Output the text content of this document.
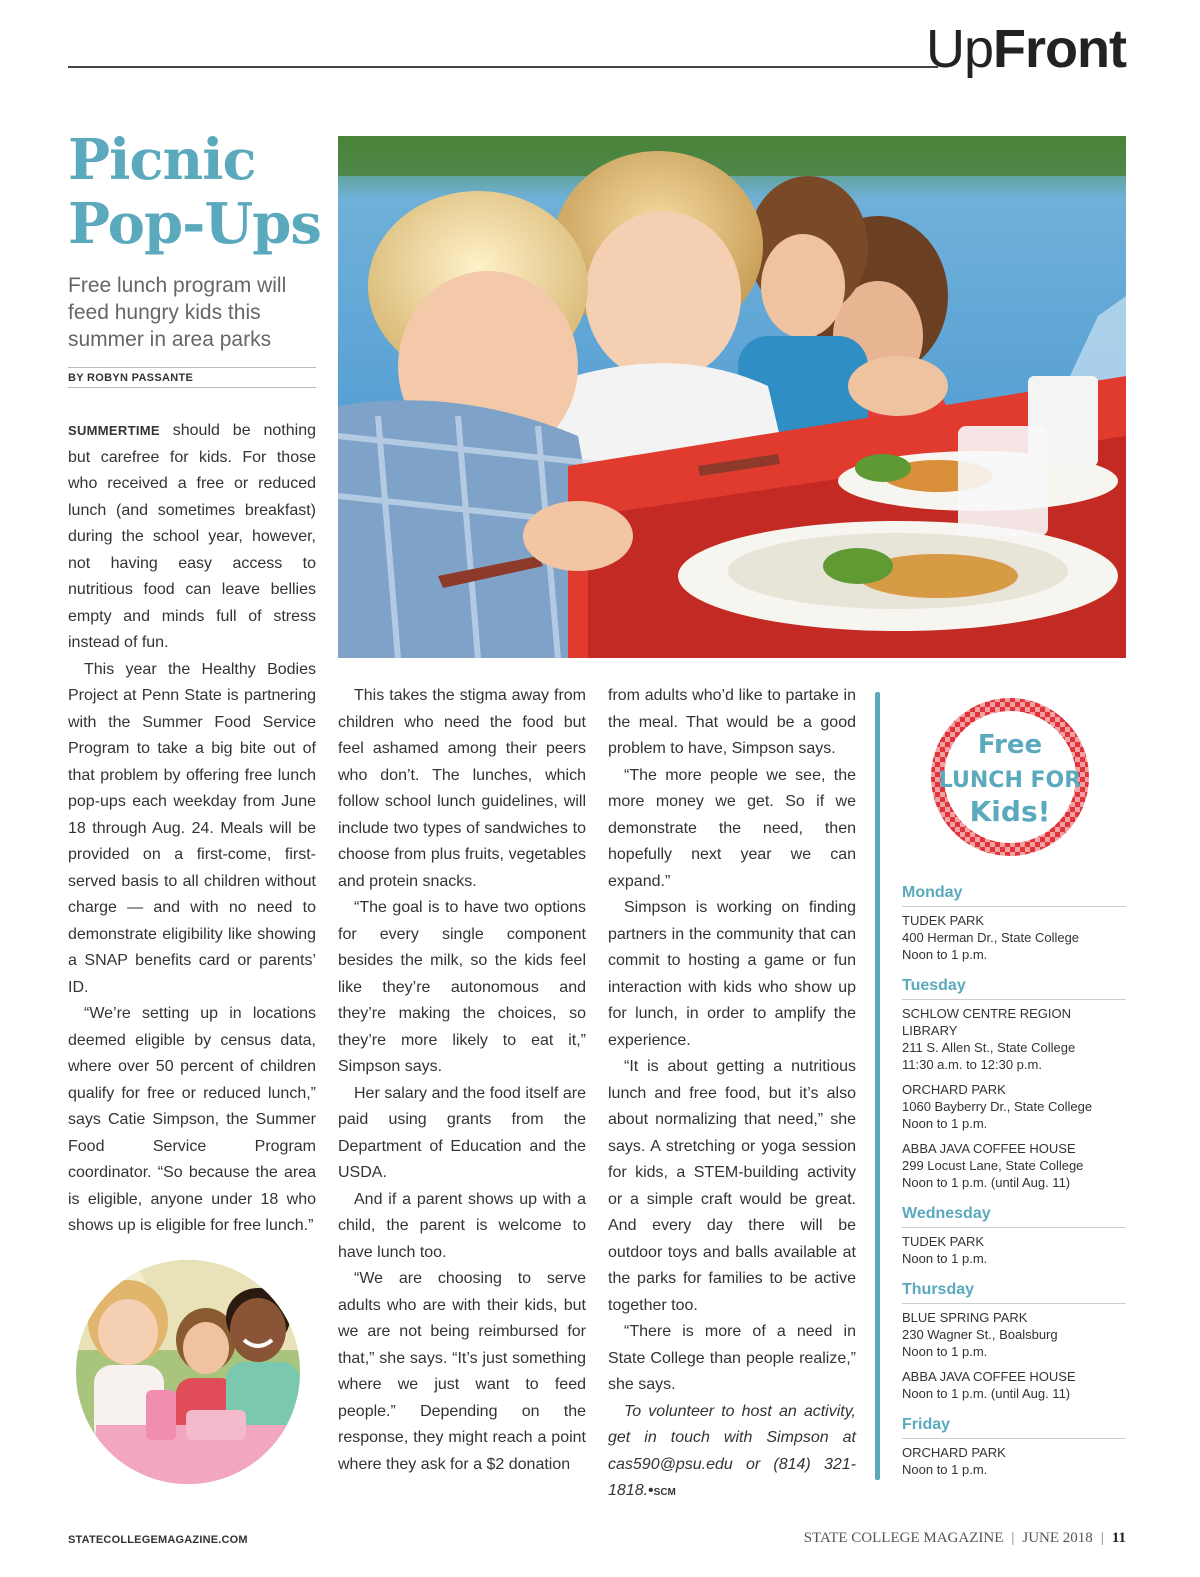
UpFront
Picnic
Pop-Ups
Free lunch program will feed hungry kids this summer in area parks
BY ROBYN PASSANTE

SUMMERTIME should be nothing but carefree for kids. For those who received a free or reduced lunch (and sometimes breakfast) during the school year, however, not having easy access to nutritious food can leave bellies empty and minds full of stress instead of fun.

This year the Healthy Bodies Project at Penn State is partnering with the Summer Food Service Program to take a big bite out of that problem by offering free lunch pop-ups each weekday from June 18 through Aug. 24. Meals will be provided on a first-come, first-served basis to all children without charge — and with no need to demonstrate eligibility like showing a SNAP benefits card or parents’ ID.

“We’re setting up in locations deemed eligible by census data, where over 50 percent of children qualify for free or reduced lunch,” says Catie Simpson, the Summer Food Service Program coordinator. “So because the area is eligible, anyone under 18 who shows up is eligible for free lunch.”

This takes the stigma away from children who need the food but feel ashamed among their peers who don’t. The lunches, which follow school lunch guidelines, will include two types of sandwiches to choose from plus fruits, vegetables and protein snacks.

“The goal is to have two options for every single component besides the milk, so the kids feel like they’re autonomous and they’re making the choices, so they’re more likely to eat it,” Simpson says.

Her salary and the food itself are paid using grants from the Department of Education and the USDA.

And if a parent shows up with a child, the parent is welcome to have lunch too.

“We are choosing to serve adults who are with their kids, but we are not being reimbursed for that,” she says. “It’s just something where we just want to feed people.” Depending on the response, they might reach a point where they ask for a $2 donation

from adults who’d like to partake in the meal. That would be a good problem to have, Simpson says.

“The more people we see, the more money we get. So if we demonstrate the need, then hopefully next year we can expand.”

Simpson is working on finding partners in the community that can commit to hosting a game or fun interaction with kids who show up for lunch, in order to amplify the experience.

“It is about getting a nutritious lunch and free food, but it’s also about normalizing that need,” she says. A stretching or yoga session for kids, a STEM-building activity or a simple craft would be great. And every day there will be outdoor toys and balls available at the parks for families to be active together too.

“There is more of a need in State College than people realize,” she says.

To volunteer to host an activity, get in touch with Simpson at cas590@psu.edu or (814) 321-1818.•SCM

Free
LUNCH FOR
Kids!
Monday
TUDEK PARK
400 Herman Dr., State College
Noon to 1 p.m.
Tuesday
SCHLOW CENTRE REGION LIBRARY
211 S. Allen St., State College
11:30 a.m. to 12:30 p.m.
ORCHARD PARK
1060 Bayberry Dr., State College
Noon to 1 p.m.
ABBA JAVA COFFEE HOUSE
299 Locust Lane, State College
Noon to 1 p.m. (until Aug. 11)
Wednesday
TUDEK PARK
Noon to 1 p.m.
Thursday
BLUE SPRING PARK
230 Wagner St., Boalsburg
Noon to 1 p.m.
ABBA JAVA COFFEE HOUSE
Noon to 1 p.m. (until Aug. 11)
Friday
ORCHARD PARK
Noon to 1 p.m.
STATECOLLEGEMAGAZINE.COM	STATE COLLEGE MAGAZINE | JUNE 2018 | 11
